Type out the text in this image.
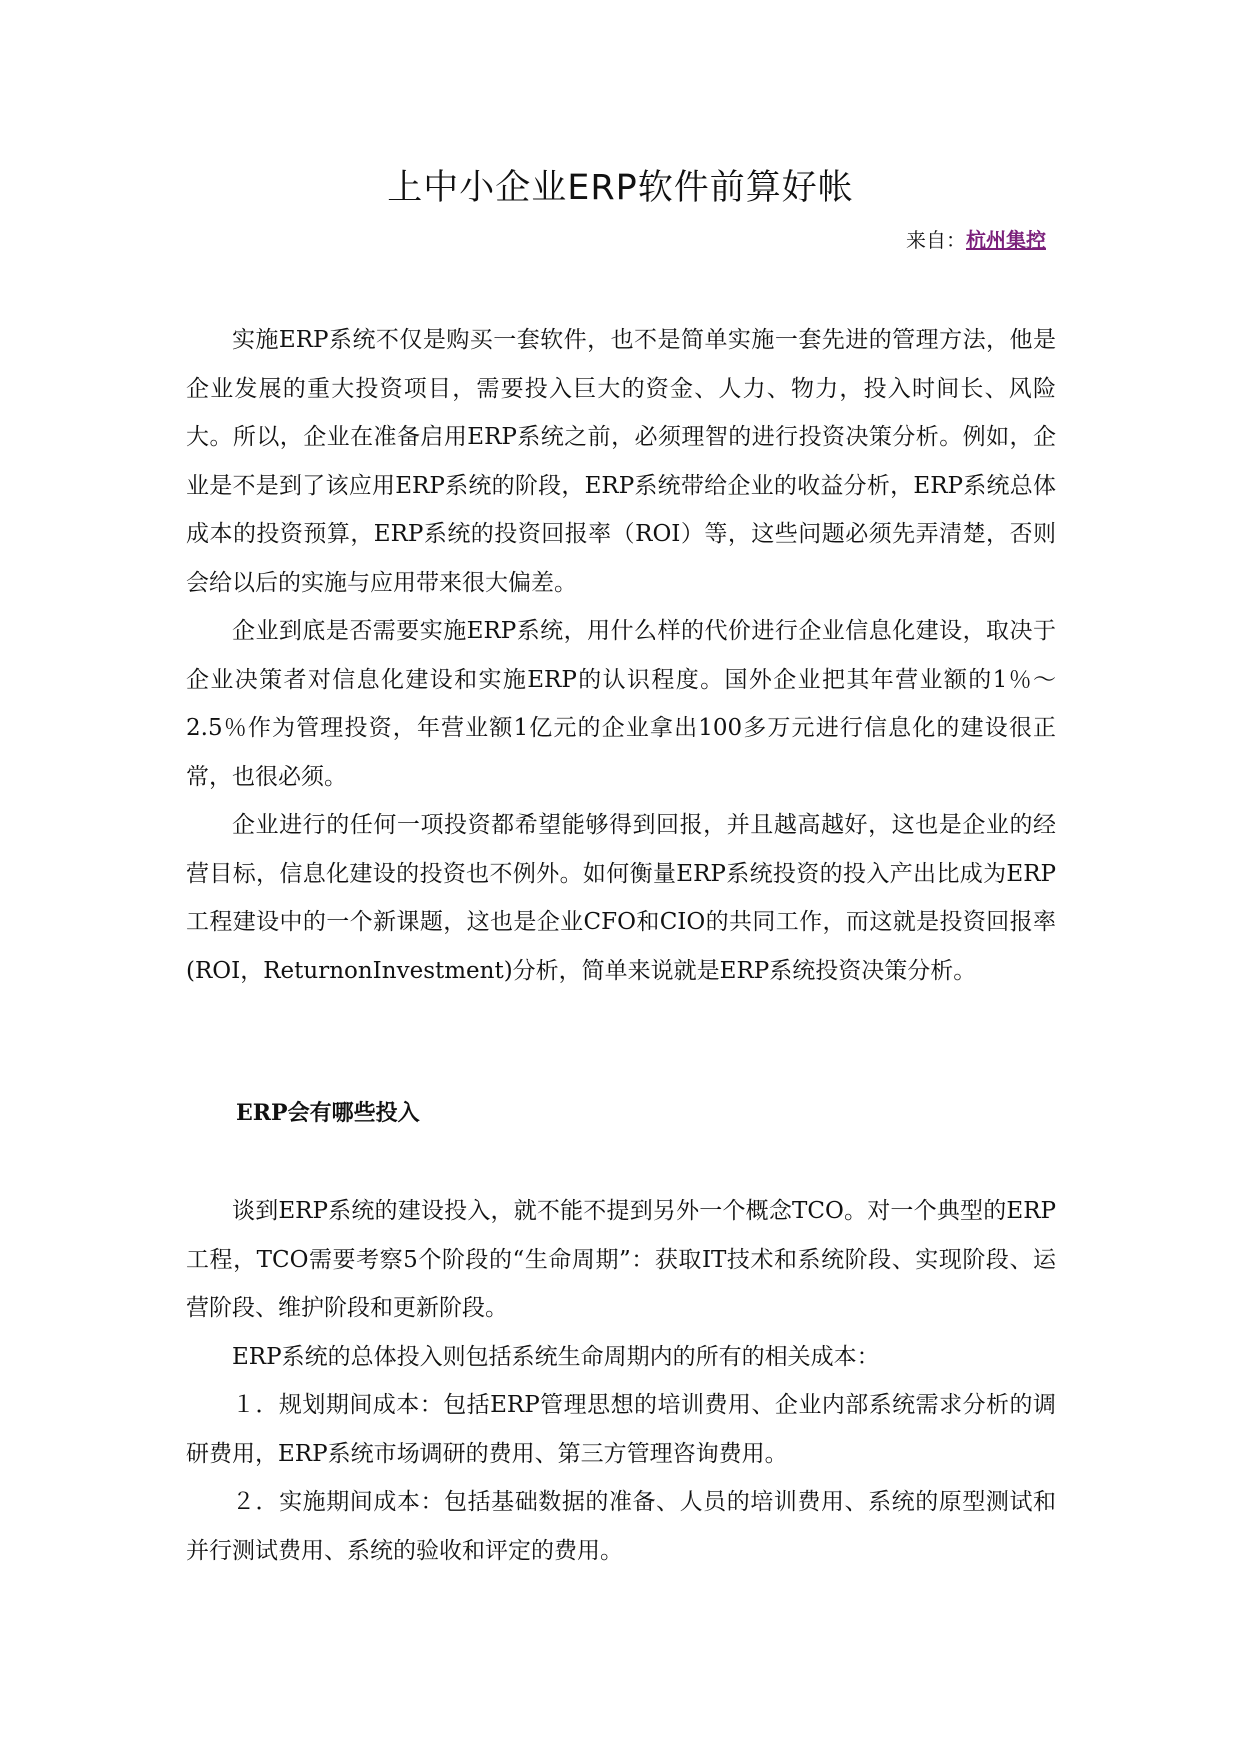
上中小企业ERP软件前算好帐
来自：杭州集控

实施ERP系统不仅是购买一套软件，也不是简单实施一套先进的管理方法，他是企业发展的重大投资项目，需要投入巨大的资金、人力、物力，投入时间长、风险大。所以，企业在准备启用ERP系统之前，必须理智的进行投资决策分析。例如，企业是不是到了该应用ERP系统的阶段，ERP系统带给企业的收益分析，ERP系统总体成本的投资预算，ERP系统的投资回报率（ROI）等，这些问题必须先弄清楚，否则会给以后的实施与应用带来很大偏差。

企业到底是否需要实施ERP系统，用什么样的代价进行企业信息化建设，取决于企业决策者对信息化建设和实施ERP的认识程度。国外企业把其年营业额的1％～2.5％作为管理投资，年营业额1亿元的企业拿出100多万元进行信息化的建设很正常，也很必须。

企业进行的任何一项投资都希望能够得到回报，并且越高越好，这也是企业的经营目标，信息化建设的投资也不例外。如何衡量ERP系统投资的投入产出比成为ERP工程建设中的一个新课题，这也是企业CFO和CIO的共同工作，而这就是投资回报率(ROI，ReturnonInvestment)分析，简单来说就是ERP系统投资决策分析。

ERP会有哪些投入

谈到ERP系统的建设投入，就不能不提到另外一个概念TCO。对一个典型的ERP工程，TCO需要考察5个阶段的“生命周期”：获取IT技术和系统阶段、实现阶段、运营阶段、维护阶段和更新阶段。

ERP系统的总体投入则包括系统生命周期内的所有的相关成本：

１．规划期间成本：包括ERP管理思想的培训费用、企业内部系统需求分析的调研费用，ERP系统市场调研的费用、第三方管理咨询费用。

２．实施期间成本：包括基础数据的准备、人员的培训费用、系统的原型测试和并行测试费用、系统的验收和评定的费用。
